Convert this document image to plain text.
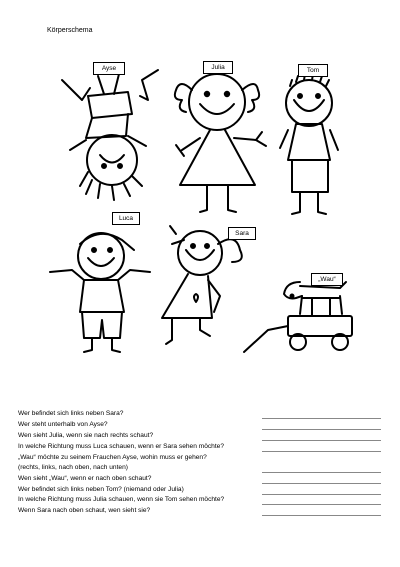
Körperschema
Ayse	Julia	Tom
Luca
Sara
„Wau“
Wer befindet sich links neben Sara?
Wer steht unterhalb von Ayse?
Wen sieht Julia, wenn sie nach rechts schaut?
In welche Richtung muss Luca schauen, wenn er Sara sehen möchte?
„Wau“ möchte zu seinem Frauchen Ayse, wohin muss er gehen?
(rechts, links, nach oben, nach unten)
Wen sieht „Wau“, wenn er nach oben schaut?
Wer befindet sich links neben Tom? (niemand oder Julia)
In welche Richtung muss Julia schauen, wenn sie Tom sehen möchte?
Wenn Sara nach oben schaut, wen sieht sie?
